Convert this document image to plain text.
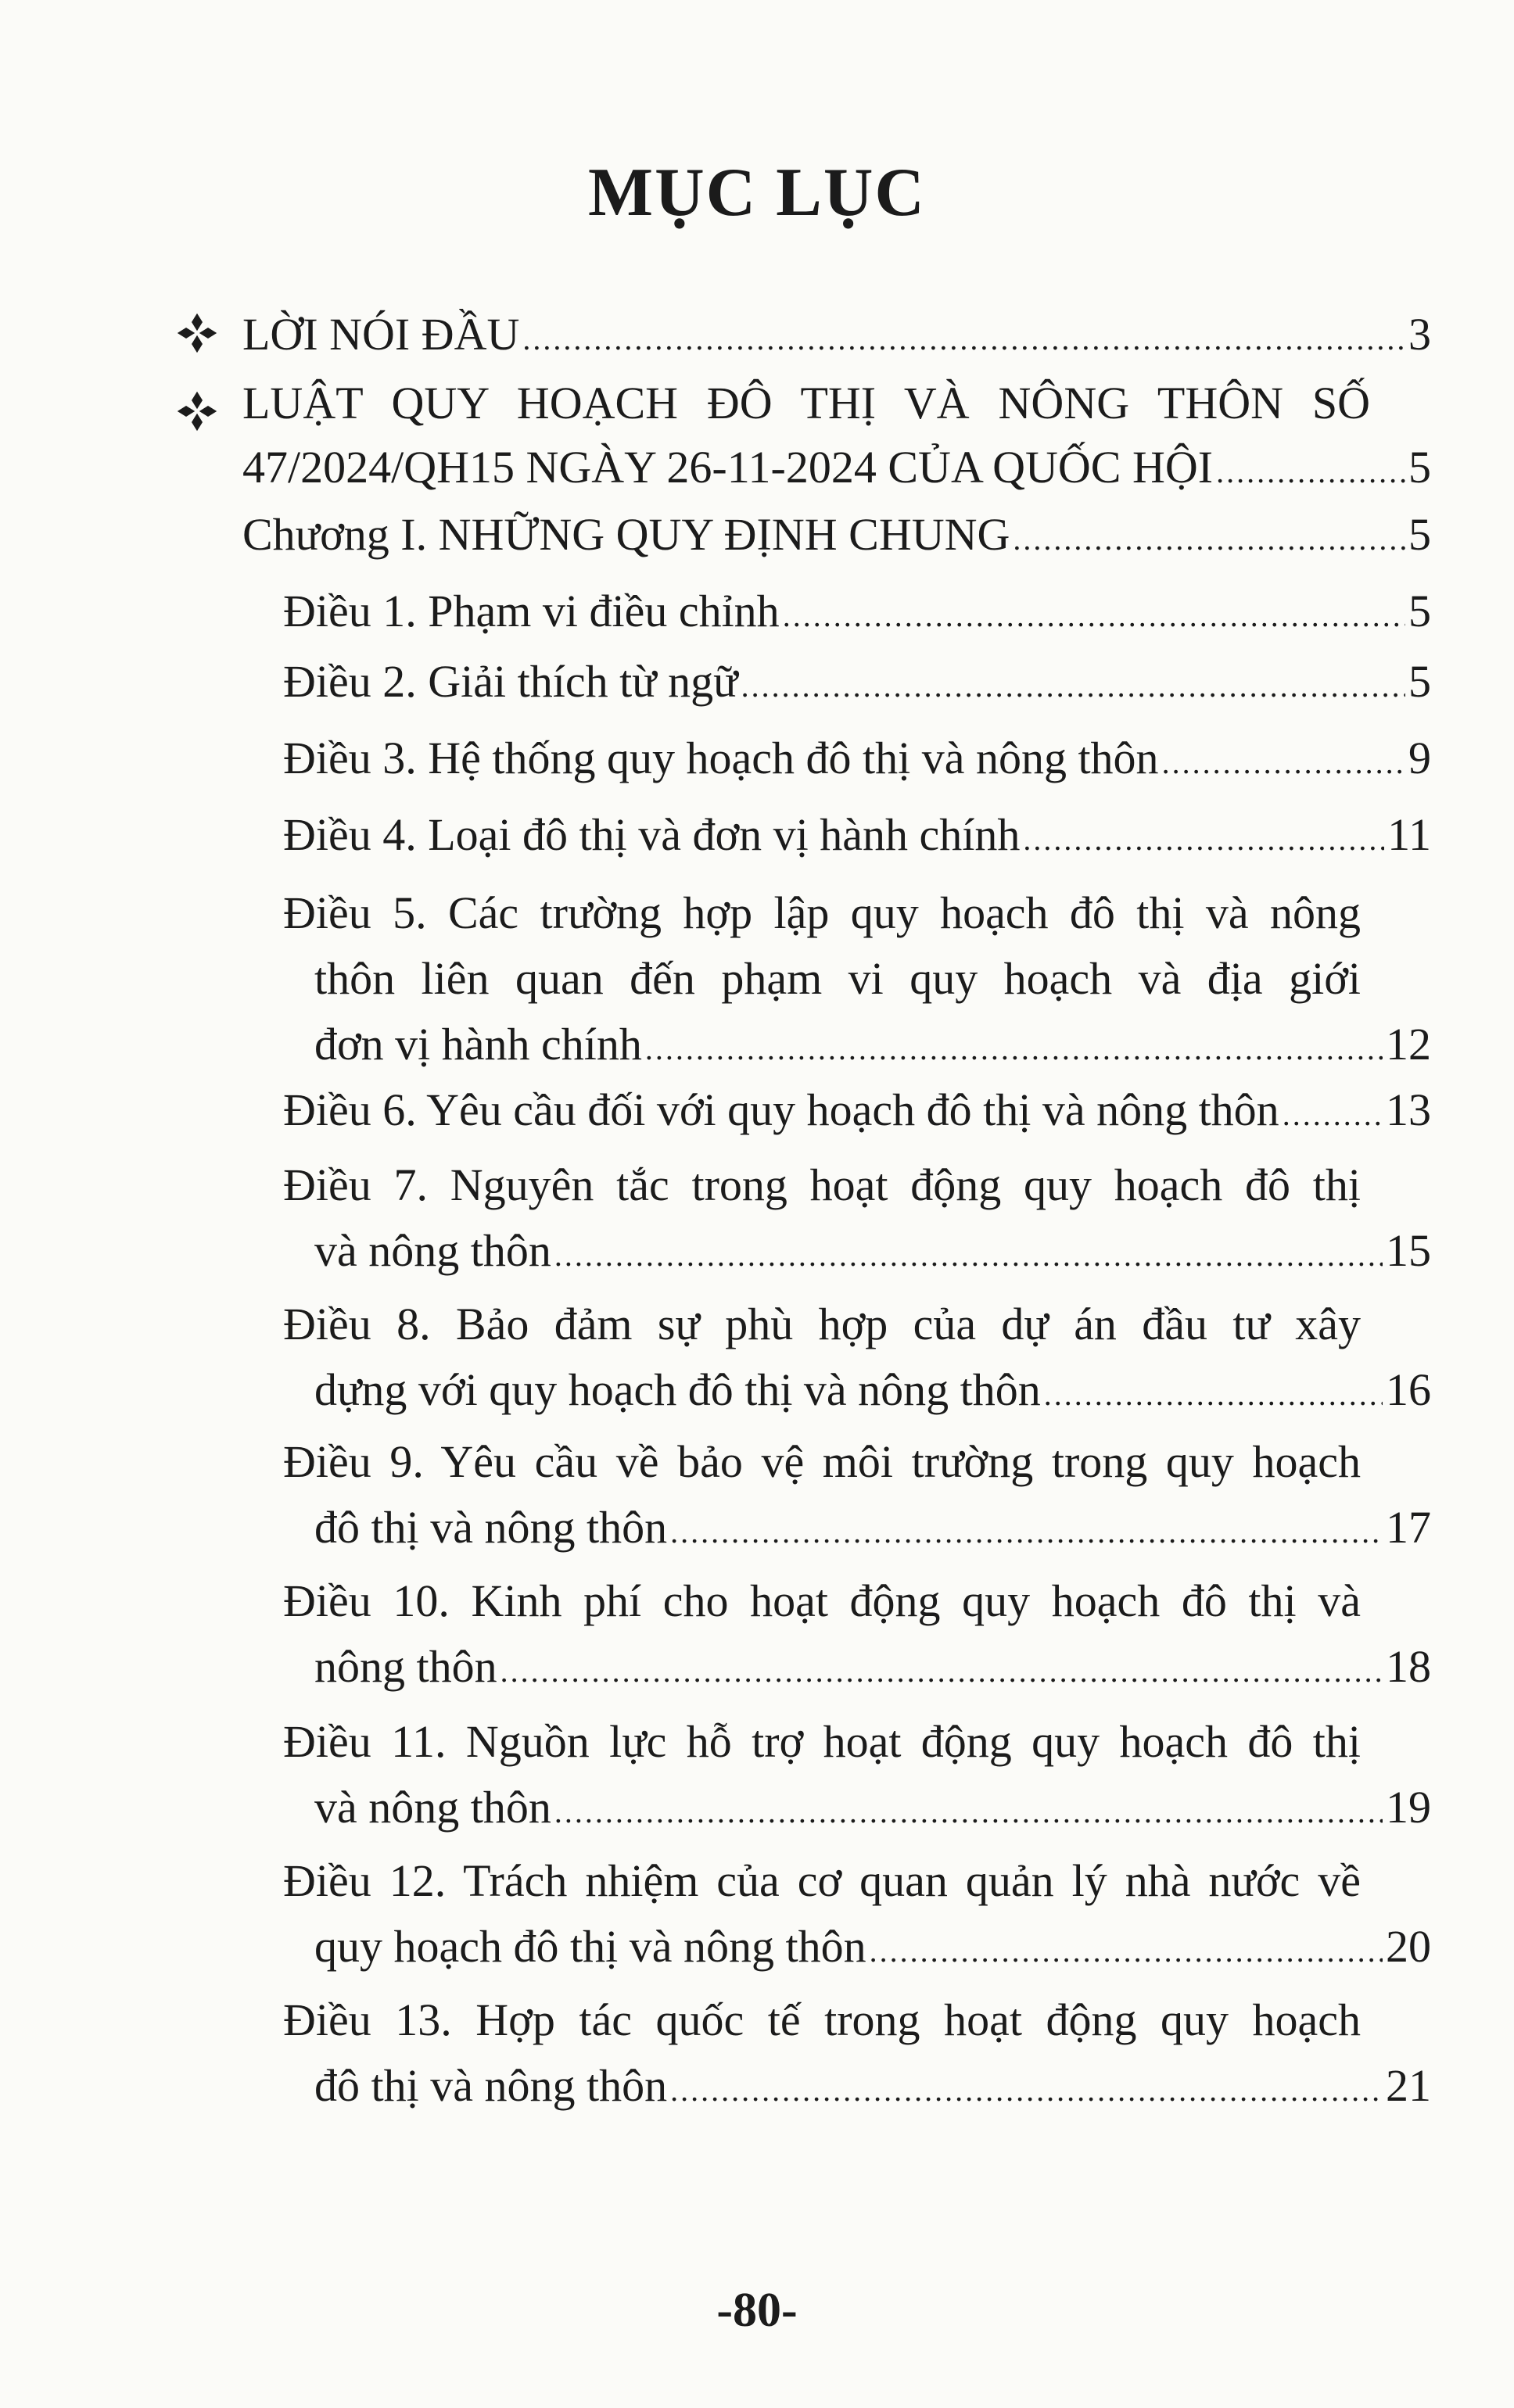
MỤC LỤC
LỜI NÓI ĐẦU .....	3
LUẬT QUY HOẠCH ĐÔ THỊ VÀ NÔNG THÔN SỐ
47/2024/QH15 NGÀY 26-11-2024 CỦA QUỐC HỘI .....	5
Chương I. NHỮNG QUY ĐỊNH CHUNG .....	5
Điều 1. Phạm vi điều chỉnh .....	5
Điều 2. Giải thích từ ngữ .....	5
Điều 3. Hệ thống quy hoạch đô thị và nông thôn .....	9
Điều 4. Loại đô thị và đơn vị hành chính .....	11
Điều 5. Các trường hợp lập quy hoạch đô thị và nông
thôn liên quan đến phạm vi quy hoạch và địa giới
đơn vị hành chính .....	12
Điều 6. Yêu cầu đối với quy hoạch đô thị và nông thôn ..... 13
Điều 7. Nguyên tắc trong hoạt động quy hoạch đô thị
và nông thôn .....	15
Điều 8. Bảo đảm sự phù hợp của dự án đầu tư xây
dựng với quy hoạch đô thị và nông thôn .....	16
Điều 9. Yêu cầu về bảo vệ môi trường trong quy hoạch
đô thị và nông thôn .....	17
Điều 10. Kinh phí cho hoạt động quy hoạch đô thị và
nông thôn .....	18
Điều 11. Nguồn lực hỗ trợ hoạt động quy hoạch đô thị
và nông thôn .....	19
Điều 12. Trách nhiệm của cơ quan quản lý nhà nước về
quy hoạch đô thị và nông thôn .....	20
Điều 13. Hợp tác quốc tế trong hoạt động quy hoạch
đô thị và nông thôn .....	21
-80-
